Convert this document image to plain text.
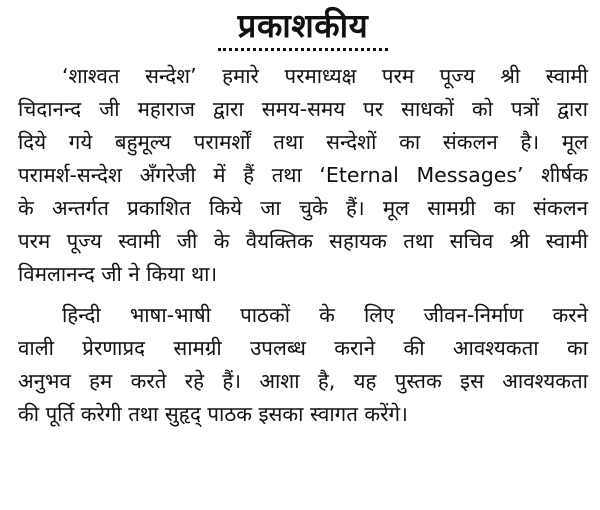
प्रकाशकीय

‘शाश्वत सन्देश’ हमारे परमाध्यक्ष परम पूज्य श्री स्वामी
चिदानन्द जी महाराज द्वारा समय-समय पर साधकों को पत्रों द्वारा
दिये गये बहुमूल्य परामर्शों तथा सन्देशों का संकलन है। मूल
परामर्श-सन्देश अँगरेजी में हैं तथा ‘Eternal Messages’ शीर्षक
के अन्तर्गत प्रकाशित किये जा चुके हैं। मूल सामग्री का संकलन
परम पूज्य स्वामी जी के वैयक्तिक सहायक तथा सचिव श्री स्वामी
विमलानन्द जी ने किया था।

हिन्दी भाषा-भाषी पाठकों के लिए जीवन-निर्माण करने
वाली प्रेरणाप्रद सामग्री उपलब्ध कराने की आवश्यकता का
अनुभव हम करते रहे हैं। आशा है, यह पुस्तक इस आवश्यकता
की पूर्ति करेगी तथा सुहृद् पाठक इसका स्वागत करेंगे।
